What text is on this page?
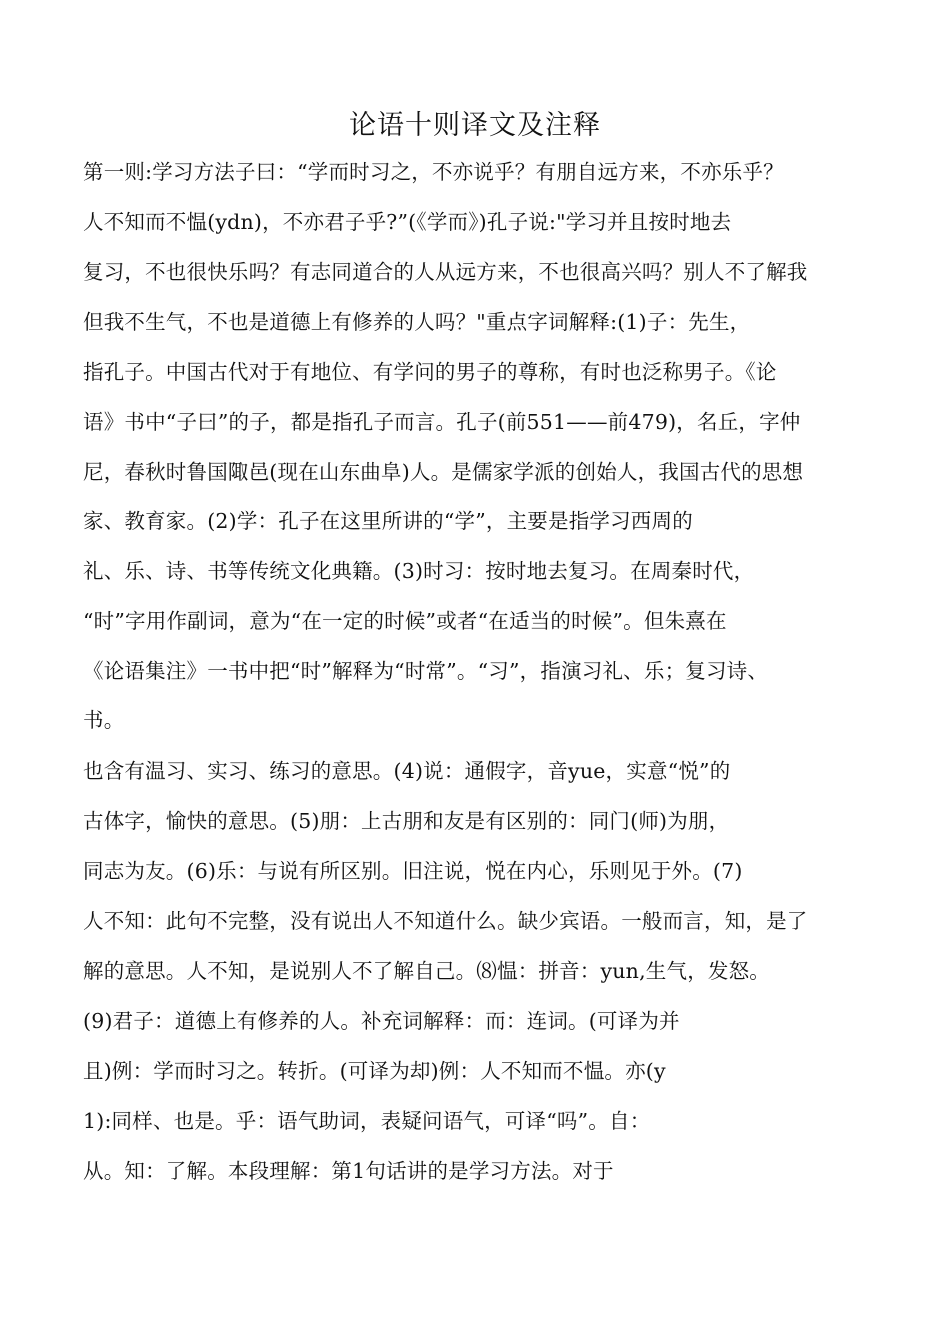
论语十则译文及注释
第一则:学习方法子曰：“学而时习之，不亦说乎？有朋自远方来，不亦乐乎？
人不知而不愠(ydn)，不亦君子乎?”(《学而》)孔子说:"学习并且按时地去
复习，不也很快乐吗？有志同道合的人从远方来，不也很高兴吗？别人不了解我
但我不生气，不也是道德上有修养的人吗？"重点字词解释:(1)子：先生，
指孔子。中国古代对于有地位、有学问的男子的尊称，有时也泛称男子。《论
语》书中“子曰”的子，都是指孔子而言。孔子(前551——前479)，名丘，字仲
尼，春秋时鲁国陬邑(现在山东曲阜)人。是儒家学派的创始人，我国古代的思想
家、教育家。(2)学：孔子在这里所讲的“学”，主要是指学习西周的
礼、乐、诗、书等传统文化典籍。(3)时习：按时地去复习。在周秦时代，
“时”字用作副词，意为“在一定的时候”或者“在适当的时候”。但朱熹在
《论语集注》一书中把“时”解释为“时常”。“习”，指演习礼、乐；复习诗、
书。
也含有温习、实习、练习的意思。(4)说：通假字，音yue，实意“悦”的
古体字，愉快的意思。(5)朋：上古朋和友是有区别的：同门(师)为朋，
同志为友。(6)乐：与说有所区别。旧注说，悦在内心，乐则见于外。(7)
人不知：此句不完整，没有说出人不知道什么。缺少宾语。一般而言，知，是了
解的意思。人不知，是说别人不了解自己。⑻愠：拼音：yun,生气，发怒。
(9)君子：道德上有修养的人。补充词解释：而：连词。(可译为并
且)例：学而时习之。转折。(可译为却)例：人不知而不愠。亦(y
1):同样、也是。乎：语气助词，表疑问语气，可译“吗”。自：
从。知：了解。本段理解：第1句话讲的是学习方法。对于
